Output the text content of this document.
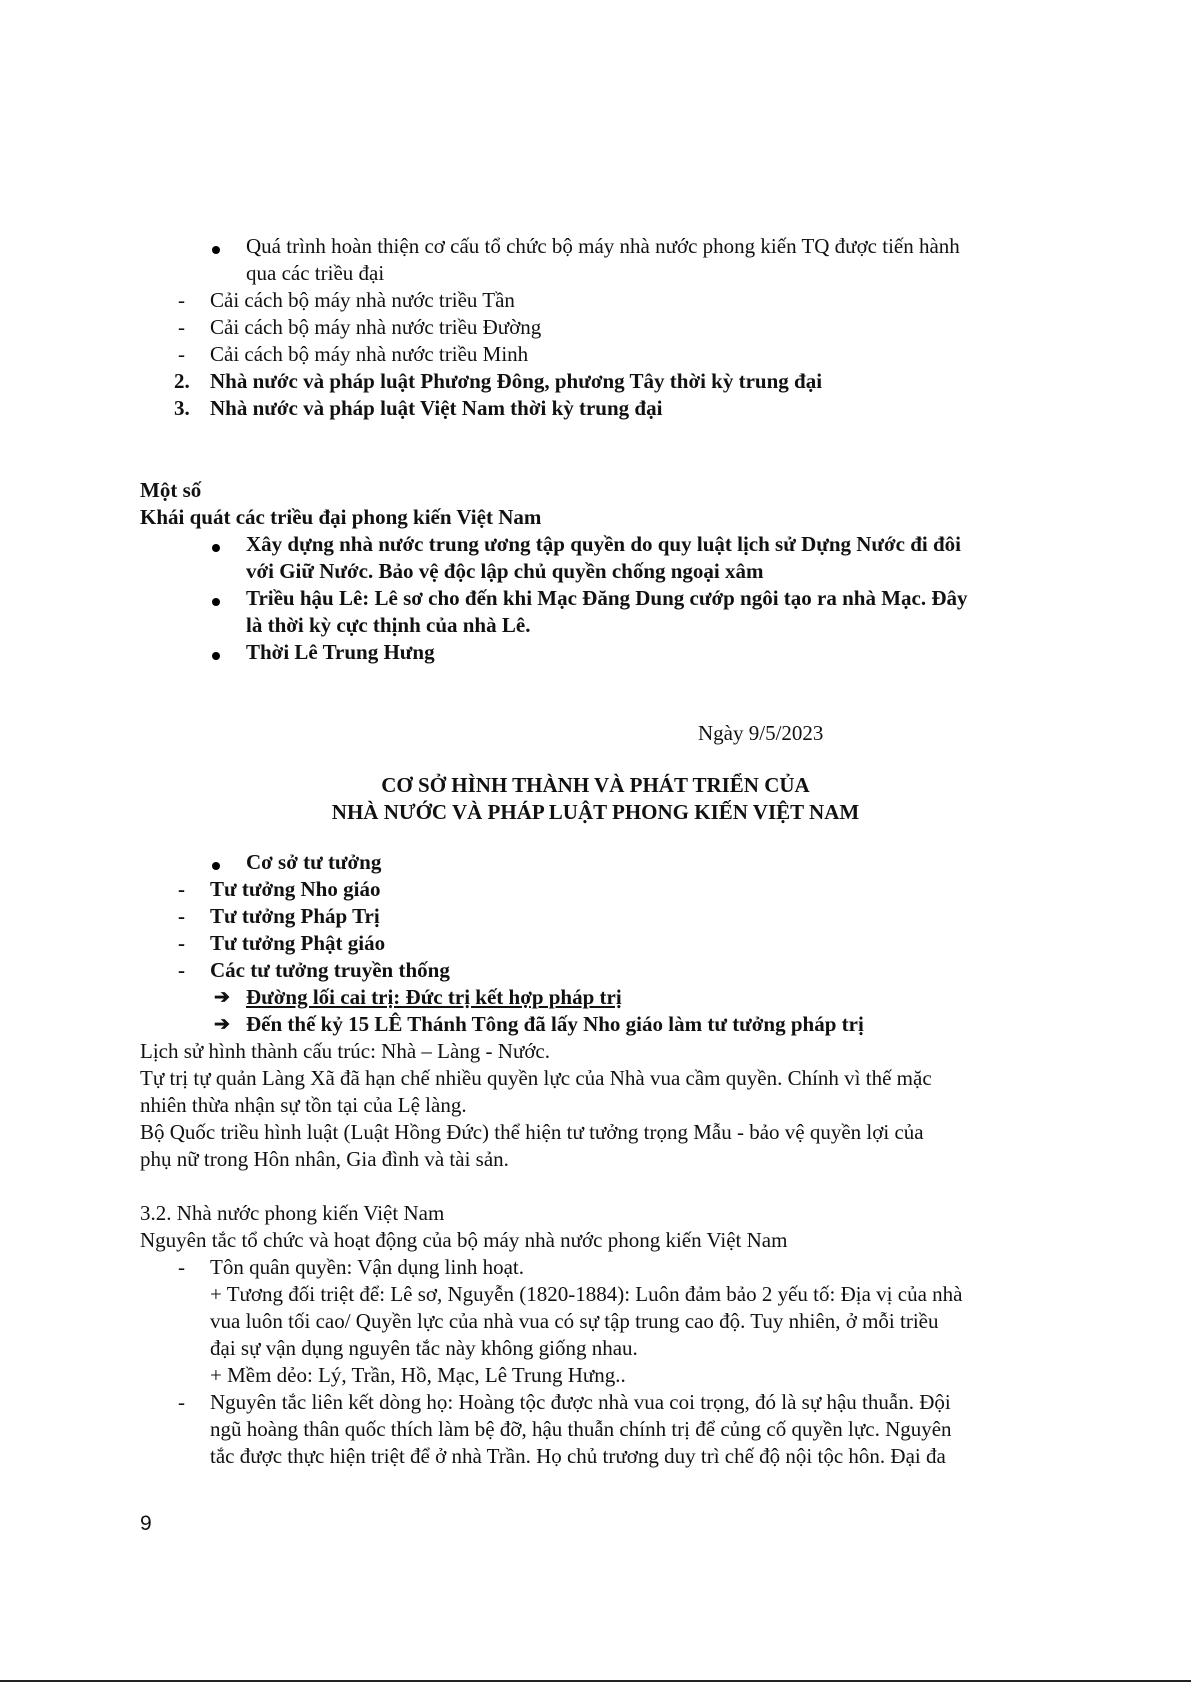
Quá trình hoàn thiện cơ cấu tổ chức bộ máy nhà nước phong kiến TQ được tiến hành
qua các triều đại
- Cải cách bộ máy nhà nước triều Tần
- Cải cách bộ máy nhà nước triều Đường
- Cải cách bộ máy nhà nước triều Minh
2. Nhà nước và pháp luật Phương Đông, phương Tây thời kỳ trung đại
3. Nhà nước và pháp luật Việt Nam thời kỳ trung đại
Một số
Khái quát các triều đại phong kiến Việt Nam
Xây dựng nhà nước trung ương tập quyền do quy luật lịch sử Dựng Nước đi đôi
với Giữ Nước. Bảo vệ độc lập chủ quyền chống ngoại xâm
Triều hậu Lê: Lê sơ cho đến khi Mạc Đăng Dung cướp ngôi tạo ra nhà Mạc. Đây
là thời kỳ cực thịnh của nhà Lê.
Thời Lê Trung Hưng
Ngày 9/5/2023
CƠ SỞ HÌNH THÀNH VÀ PHÁT TRIỂN CỦA
NHÀ NƯỚC VÀ PHÁP LUẬT PHONG KIẾN VIỆT NAM
Cơ sở tư tưởng
- Tư tưởng Nho giáo
- Tư tưởng Pháp Trị
- Tư tưởng Phật giáo
- Các tư tưởng truyền thống
➔ Đường lối cai trị: Đức trị kết hợp pháp trị
➔ Đến thế kỷ 15 LÊ Thánh Tông đã lấy Nho giáo làm tư tưởng pháp trị
Lịch sử hình thành cấu trúc: Nhà – Làng - Nước.
Tự trị tự quản Làng Xã đã hạn chế nhiều quyền lực của Nhà vua cầm quyền. Chính vì thế mặc
nhiên thừa nhận sự tồn tại của Lệ làng.
Bộ Quốc triều hình luật (Luật Hồng Đức) thể hiện tư tưởng trọng Mẫu - bảo vệ quyền lợi của
phụ nữ trong Hôn nhân, Gia đình và tài sản.
3.2. Nhà nước phong kiến Việt Nam
Nguyên tắc tổ chức và hoạt động của bộ máy nhà nước phong kiến Việt Nam
- Tôn quân quyền: Vận dụng linh hoạt.
+ Tương đối triệt để: Lê sơ, Nguyễn (1820-1884): Luôn đảm bảo 2 yếu tố: Địa vị của nhà
vua luôn tối cao/ Quyền lực của nhà vua có sự tập trung cao độ. Tuy nhiên, ở mỗi triều
đại sự vận dụng nguyên tắc này không giống nhau.
+ Mềm dẻo: Lý, Trần, Hồ, Mạc, Lê Trung Hưng..
- Nguyên tắc liên kết dòng họ: Hoàng tộc được nhà vua coi trọng, đó là sự hậu thuẫn. Đội
ngũ hoàng thân quốc thích làm bệ đỡ, hậu thuẫn chính trị để củng cố quyền lực. Nguyên
tắc được thực hiện triệt để ở nhà Trần. Họ chủ trương duy trì chế độ nội tộc hôn. Đại đa
9
